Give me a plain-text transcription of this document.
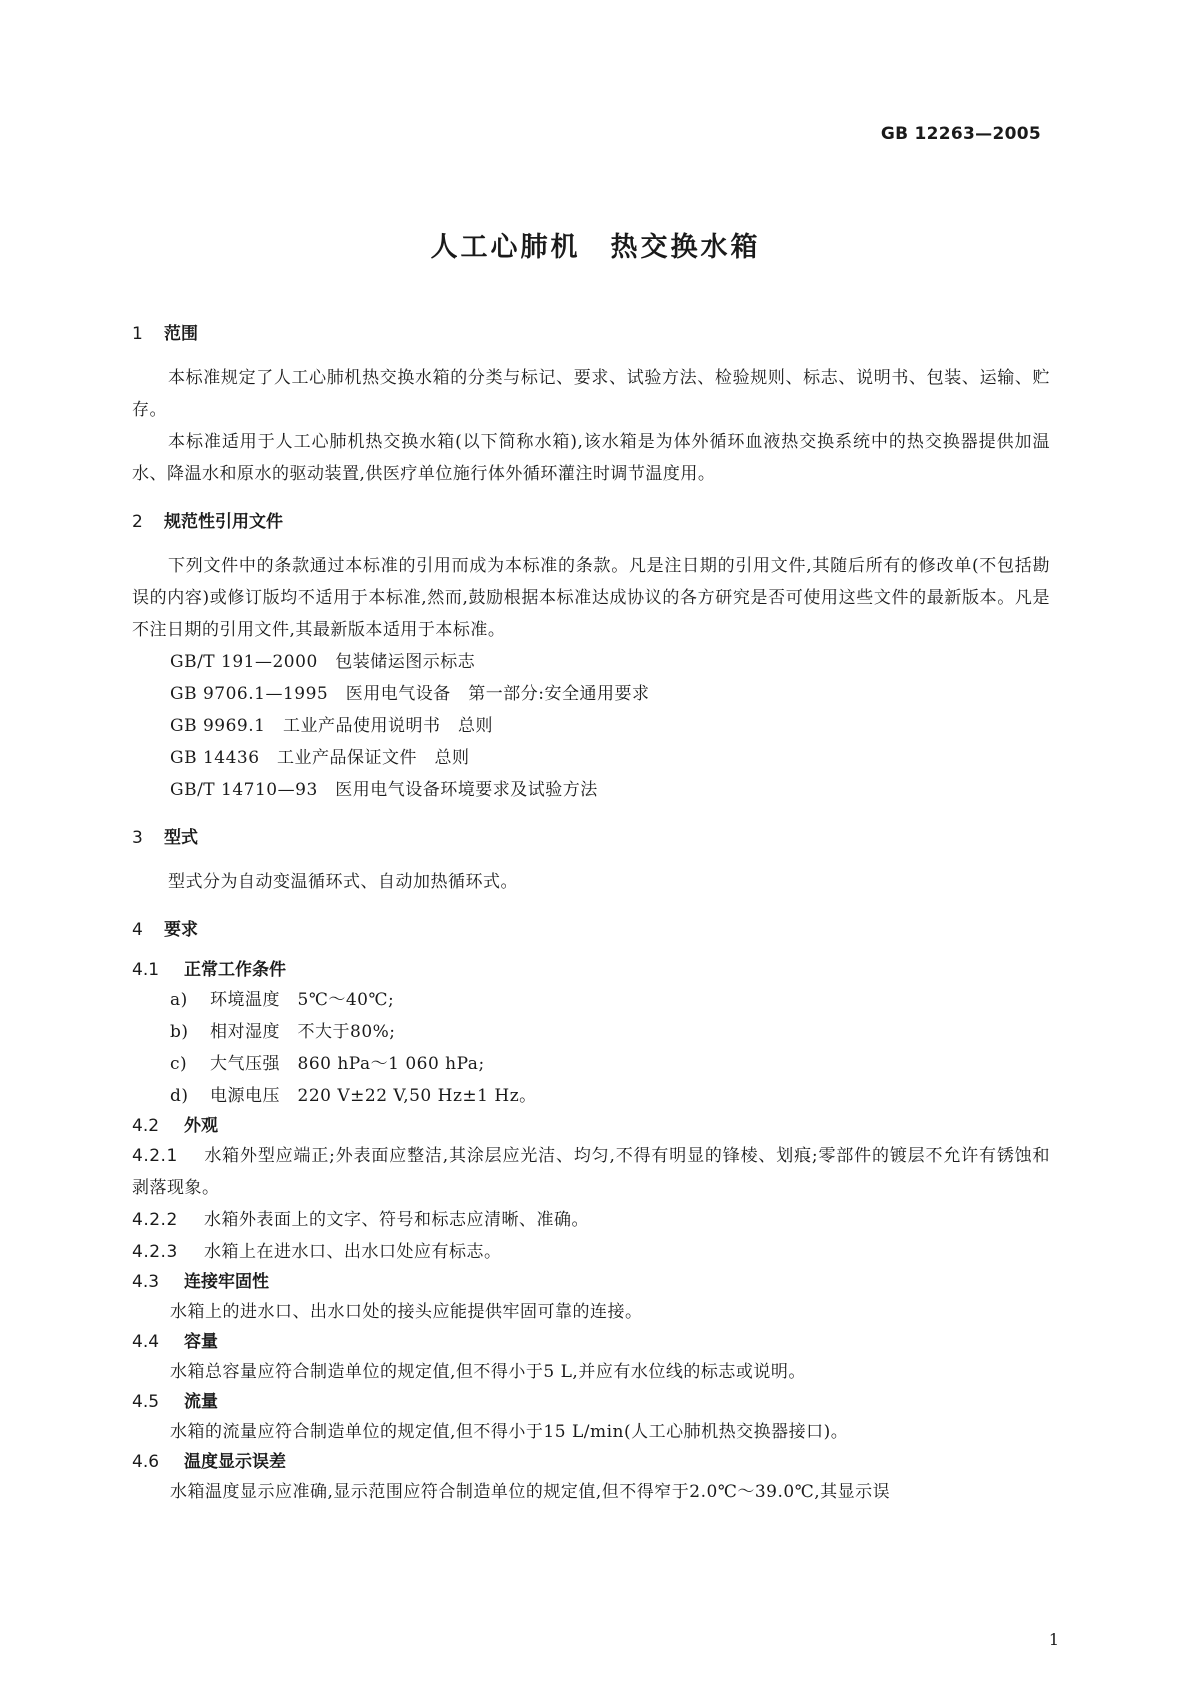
GB 12263—2005
人工心肺机 热交换水箱
1 范围
本标准规定了人工心肺机热交换水箱的分类与标记、要求、试验方法、检验规则、标志、说明书、包装、运输、贮存。
本标准适用于人工心肺机热交换水箱(以下简称水箱),该水箱是为体外循环血液热交换系统中的热交换器提供加温水、降温水和原水的驱动装置,供医疗单位施行体外循环灌注时调节温度用。
2 规范性引用文件
下列文件中的条款通过本标准的引用而成为本标准的条款。凡是注日期的引用文件,其随后所有的修改单(不包括勘误的内容)或修订版均不适用于本标准,然而,鼓励根据本标准达成协议的各方研究是否可使用这些文件的最新版本。凡是不注日期的引用文件,其最新版本适用于本标准。
GB/T 191—2000　包装储运图示标志
GB 9706.1—1995　医用电气设备　第一部分:安全通用要求
GB 9969.1　工业产品使用说明书　总则
GB 14436　工业产品保证文件　总则
GB/T 14710—93　医用电气设备环境要求及试验方法
3 型式
型式分为自动变温循环式、自动加热循环式。
4 要求
4.1 正常工作条件
a) 环境温度　5℃～40℃;
b) 相对湿度　不大于80%;
c) 大气压强　860 hPa～1 060 hPa;
d) 电源电压　220 V±22 V,50 Hz±1 Hz。
4.2 外观
4.2.1 水箱外型应端正;外表面应整洁,其涂层应光洁、均匀,不得有明显的锋棱、划痕;零部件的镀层不允许有锈蚀和剥落现象。
4.2.2 水箱外表面上的文字、符号和标志应清晰、准确。
4.2.3 水箱上在进水口、出水口处应有标志。
4.3 连接牢固性
水箱上的进水口、出水口处的接头应能提供牢固可靠的连接。
4.4 容量
水箱总容量应符合制造单位的规定值,但不得小于5 L,并应有水位线的标志或说明。
4.5 流量
水箱的流量应符合制造单位的规定值,但不得小于15 L/min(人工心肺机热交换器接口)。
4.6 温度显示误差
水箱温度显示应准确,显示范围应符合制造单位的规定值,但不得窄于2.0℃～39.0℃,其显示误
1
